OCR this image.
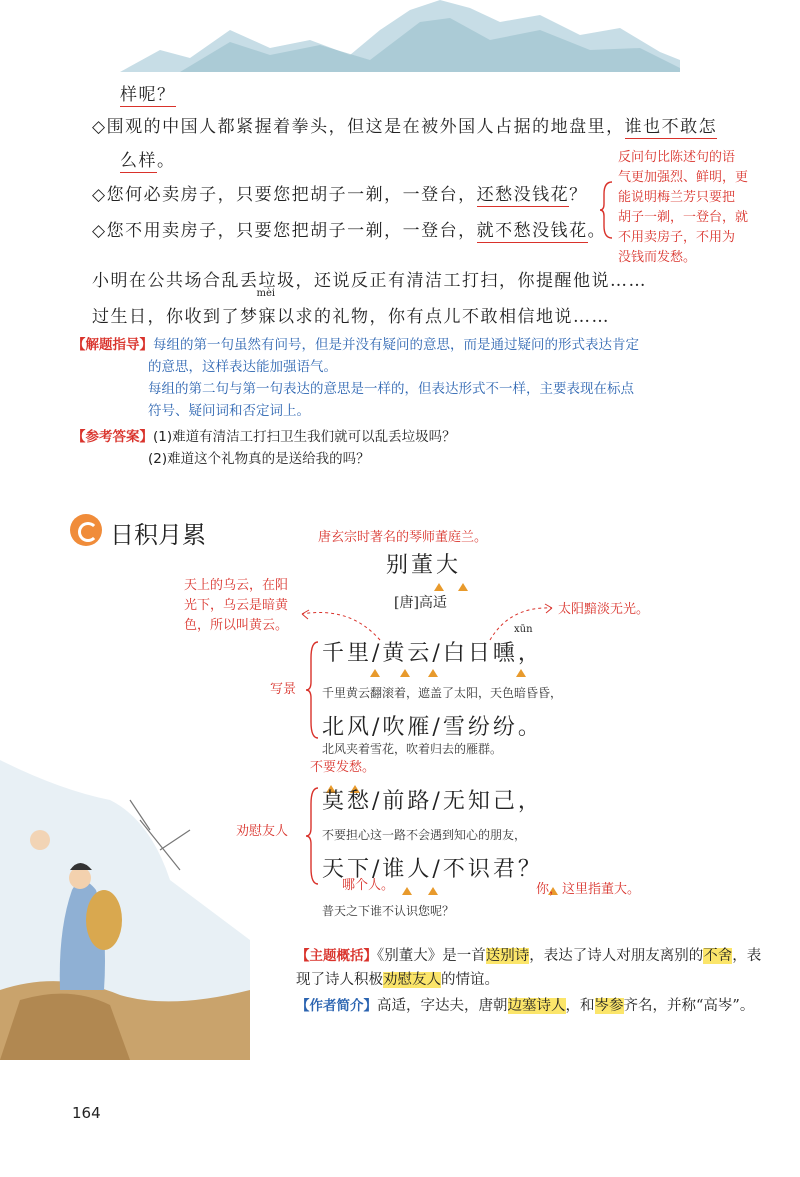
样呢？
◇围观的中国人都紧握着拳头，但这是在被外国人占据的地盘里，谁也不敢怎
么样。
◇您何必卖房子，只要您把胡子一剃，一登台，还愁没钱花？
◇您不用卖房子，只要您把胡子一剃，一登台，就不愁没钱花。
反问句比陈述句的语
气更加强烈、鲜明，更
能说明梅兰芳只要把
胡子一剃，一登台，就
不用卖房子，不用为
没钱而发愁。
小明在公共场合乱丢垃圾，还说反正有清洁工打扫，你提醒他说……
过生日，你收到了梦
mèi
寐以求的礼物，你有点儿不敢相信地说……
【解题指导】每组的第一句虽然有问号，但是并没有疑问的意思，而是通过疑问的形式表达肯定
的意思，这样表达能加强语气。
每组的第二句与第一句表达的意思是一样的，但表达形式不一样，主要表现在标点
符号、疑问词和否定词上。
【参考答案】(1)难道有清洁工打扫卫生我们就可以乱丢垃圾吗？
(2)难道这个礼物真的是送给我的吗？
日积月累	唐玄宗时著名的琴师董庭兰。
别董大
[唐]高适
天上的乌云，在阳
光下，乌云是暗黄
色，所以叫黄云。
太阳黯淡无光。
写景
劝慰友人
xūn
千里/黄云/白日曛，
千里黄云翻滚着，遮盖了太阳，天色暗昏昏，
北风/吹雁/雪纷纷。
北风夹着雪花，吹着归去的雁群。
不要发愁。
莫愁/前路/无知己，
不要担心这一路不会遇到知心的朋友，
天下/谁人/不识君？
哪个人。	你，这里指董大。
普天之下谁不认识您呢？
【主题概括】《别董大》是一首送别诗，表达了诗人对朋友离别的不舍，表现了诗人积极劝慰友人的情谊。
【作者简介】高适，字达夫，唐朝边塞诗人，和岑参齐名，并称“高岑”。
164
